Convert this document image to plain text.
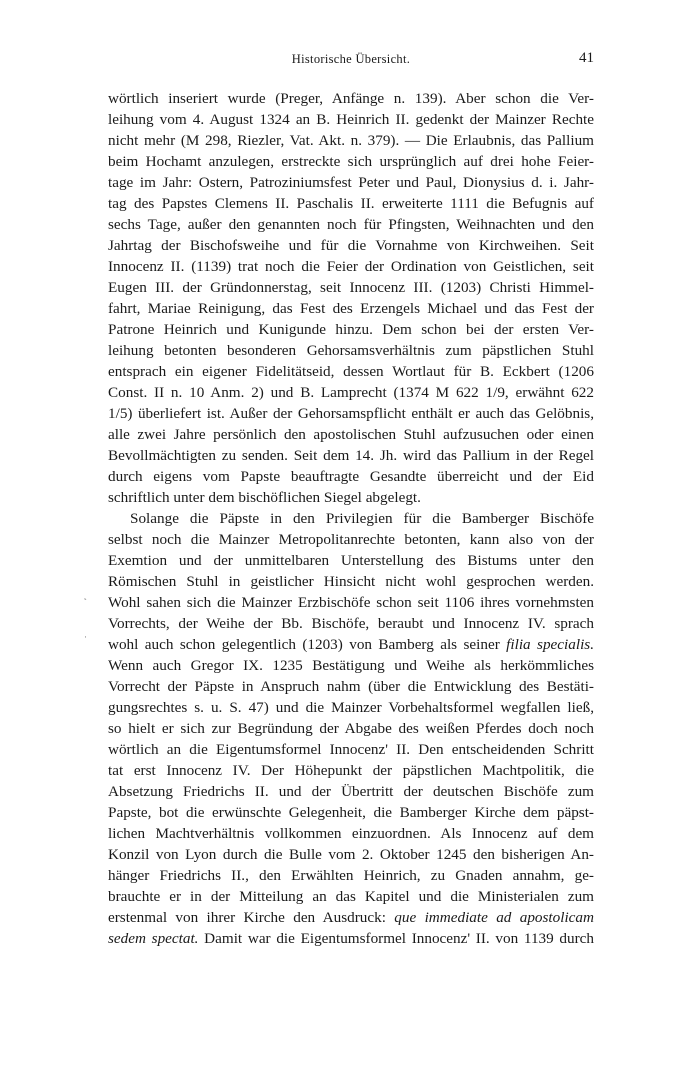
Historische Übersicht.	41
wörtlich inseriert wurde (Preger, Anfänge n. 139). Aber schon die Ver-
leihung vom 4. August 1324 an B. Heinrich II. gedenkt der Mainzer Rechte
nicht mehr (M 298, Riezler, Vat. Akt. n. 379). — Die Erlaubnis, das Pallium
beim Hochamt anzulegen, erstreckte sich ursprünglich auf drei hohe Feier-
tage im Jahr: Ostern, Patroziniumsfest Peter und Paul, Dionysius d. i. Jahr-
tag des Papstes Clemens II. Paschalis II. erweiterte 1111 die Befugnis auf
sechs Tage, außer den genannten noch für Pfingsten, Weihnachten und den
Jahrtag der Bischofsweihe und für die Vornahme von Kirchweihen. Seit
Innocenz II. (1139) trat noch die Feier der Ordination von Geistlichen, seit
Eugen III. der Gründonnerstag, seit Innocenz III. (1203) Christi Himmel-
fahrt, Mariae Reinigung, das Fest des Erzengels Michael und das Fest der
Patrone Heinrich und Kunigunde hinzu. Dem schon bei der ersten Ver-
leihung betonten besonderen Gehorsamsverhältnis zum päpstlichen Stuhl
entsprach ein eigener Fidelitätseid, dessen Wortlaut für B. Eckbert (1206
Const. II n. 10 Anm. 2) und B. Lamprecht (1374 M 622 1/9, erwähnt 622
1/5) überliefert ist. Außer der Gehorsamspflicht enthält er auch das Gelöbnis,
alle zwei Jahre persönlich den apostolischen Stuhl aufzusuchen oder einen
Bevollmächtigten zu senden. Seit dem 14. Jh. wird das Pallium in der Regel
durch eigens vom Papste beauftragte Gesandte überreicht und der Eid
schriftlich unter dem bischöflichen Siegel abgelegt.
Solange die Päpste in den Privilegien für die Bamberger Bischöfe
selbst noch die Mainzer Metropolitanrechte betonten, kann also von der
Exemtion und der unmittelbaren Unterstellung des Bistums unter den
Römischen Stuhl in geistlicher Hinsicht nicht wohl gesprochen werden.
Wohl sahen sich die Mainzer Erzbischöfe schon seit 1106 ihres vornehmsten
Vorrechts, der Weihe der Bb. Bischöfe, beraubt und Innocenz IV. sprach
wohl auch schon gelegentlich (1203) von Bamberg als seiner filia specialis.
Wenn auch Gregor IX. 1235 Bestätigung und Weihe als herkömmliches
Vorrecht der Päpste in Anspruch nahm (über die Entwicklung des Bestäti-
gungsrechtes s. u. S. 47) und die Mainzer Vorbehaltsformel wegfallen ließ,
so hielt er sich zur Begründung der Abgabe des weißen Pferdes doch noch
wörtlich an die Eigentumsformel Innocenz' II. Den entscheidenden Schritt
tat erst Innocenz IV. Der Höhepunkt der päpstlichen Machtpolitik, die
Absetzung Friedrichs II. und der Übertritt der deutschen Bischöfe zum
Papste, bot die erwünschte Gelegenheit, die Bamberger Kirche dem päpst-
lichen Machtverhältnis vollkommen einzuordnen. Als Innocenz auf dem
Konzil von Lyon durch die Bulle vom 2. Oktober 1245 den bisherigen An-
hänger Friedrichs II., den Erwählten Heinrich, zu Gnaden annahm, ge-
brauchte er in der Mitteilung an das Kapitel und die Ministerialen zum
erstenmal von ihrer Kirche den Ausdruck: que immediate ad apostolicam
sedem spectat. Damit war die Eigentumsformel Innocenz' II. von 1139 durch
˛
·
